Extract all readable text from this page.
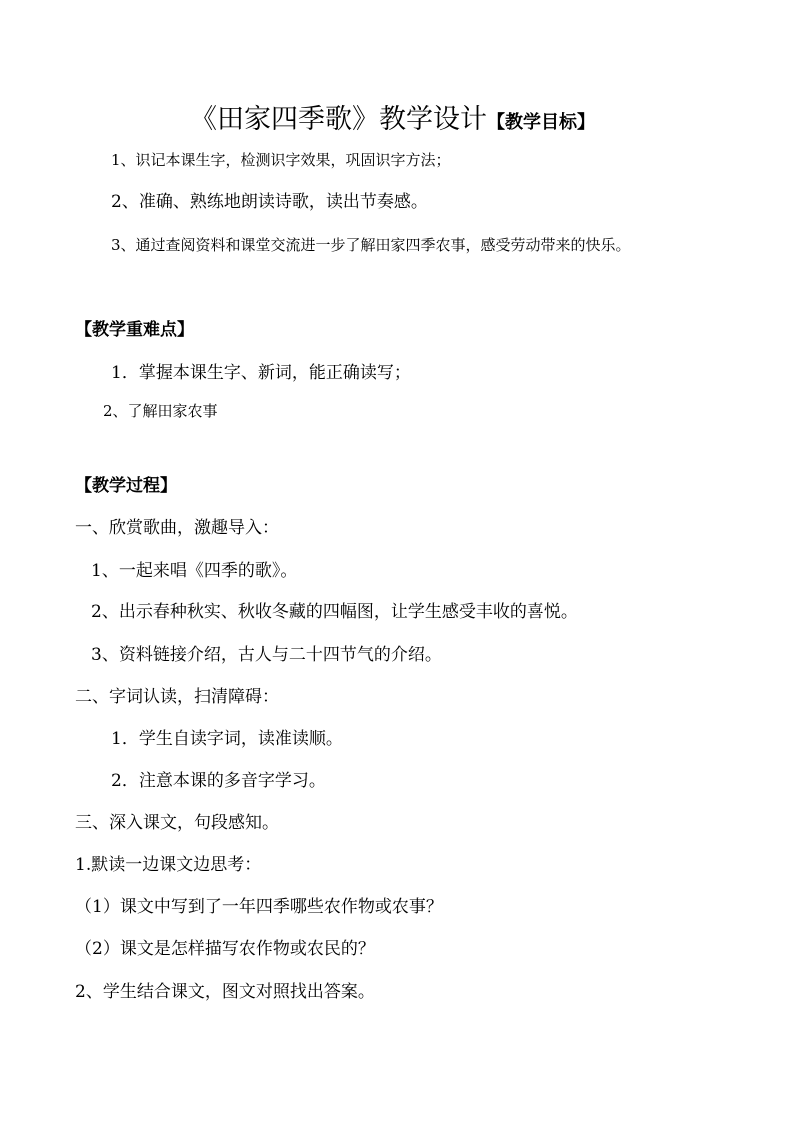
《田家四季歌》教学设计【教学目标】
1、识记本课生字，检测识字效果，巩固识字方法；
2、准确、熟练地朗读诗歌，读出节奏感。
3、通过查阅资料和课堂交流进一步了解田家四季农事，感受劳动带来的快乐。
【教学重难点】
1．掌握本课生字、新词，能正确读写；
2、了解田家农事
【教学过程】
一、欣赏歌曲，激趣导入：
1、一起来唱《四季的歌》。
2、出示春种秋实、秋收冬藏的四幅图，让学生感受丰收的喜悦。
3、资料链接介绍，古人与二十四节气的介绍。
二、字词认读，扫清障碍：
1．学生自读字词，读准读顺。
2．注意本课的多音字学习。
三、深入课文，句段感知。
1.默读一边课文边思考：
（1）课文中写到了一年四季哪些农作物或农事？
（2）课文是怎样描写农作物或农民的？
2、学生结合课文，图文对照找出答案。
